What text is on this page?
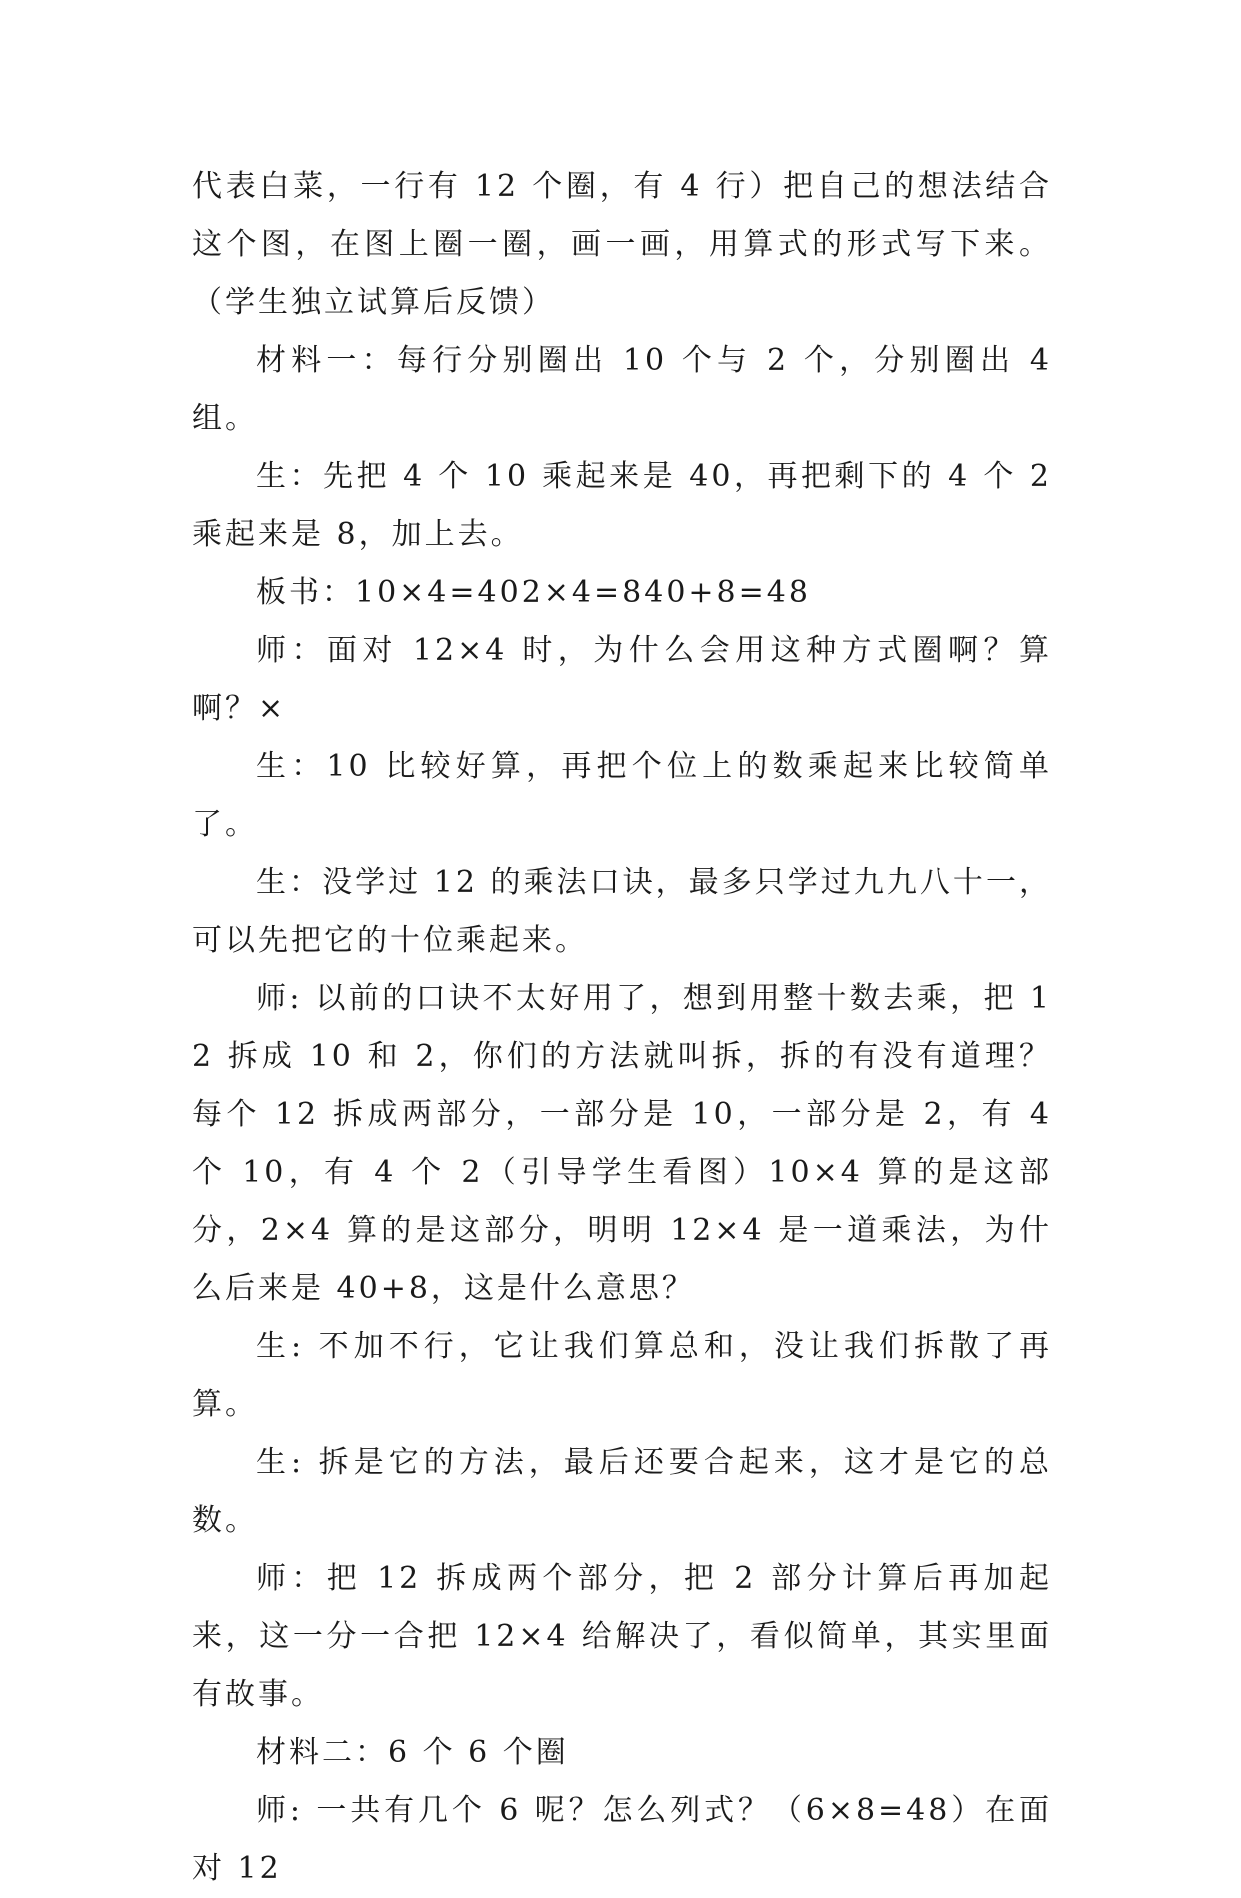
代表白菜，一行有 12 个圈，有 4 行）把自己的想法结合这个图，在图上圈一圈，画一画，用算式的形式写下来。（学生独立试算后反馈）

材料一：每行分别圈出 10 个与 2 个，分别圈出 4 组。

生：先把 4 个 10 乘起来是 40，再把剩下的 4 个 2 乘起来是 8，加上去。

板书：10×4=402×4=840+8=48

师：面对 12×4 时，为什么会用这种方式圈啊？算啊？×

生：10 比较好算，再把个位上的数乘起来比较简单了。

生：没学过 12 的乘法口诀，最多只学过九九八十一，可以先把它的十位乘起来。

师: 以前的口诀不太好用了，想到用整十数去乘，把 12 拆成 10 和 2，你们的方法就叫拆，拆的有没有道理？每个 12 拆成两部分，一部分是 10，一部分是 2，有 4 个 10，有 4 个 2（引导学生看图）10×4 算的是这部分，2×4 算的是这部分，明明 12×4 是一道乘法，为什么后来是 40+8，这是什么意思？

生: 不加不行，它让我们算总和，没让我们拆散了再算。

生: 拆是它的方法，最后还要合起来，这才是它的总数。

师：把 12 拆成两个部分，把 2 部分计算后再加起来，这一分一合把 12×4 给解决了，看似简单，其实里面有故事。

材料二：6 个 6 个圈

师: 一共有几个 6 呢？怎么列式？（6×8=48）在面对 12
